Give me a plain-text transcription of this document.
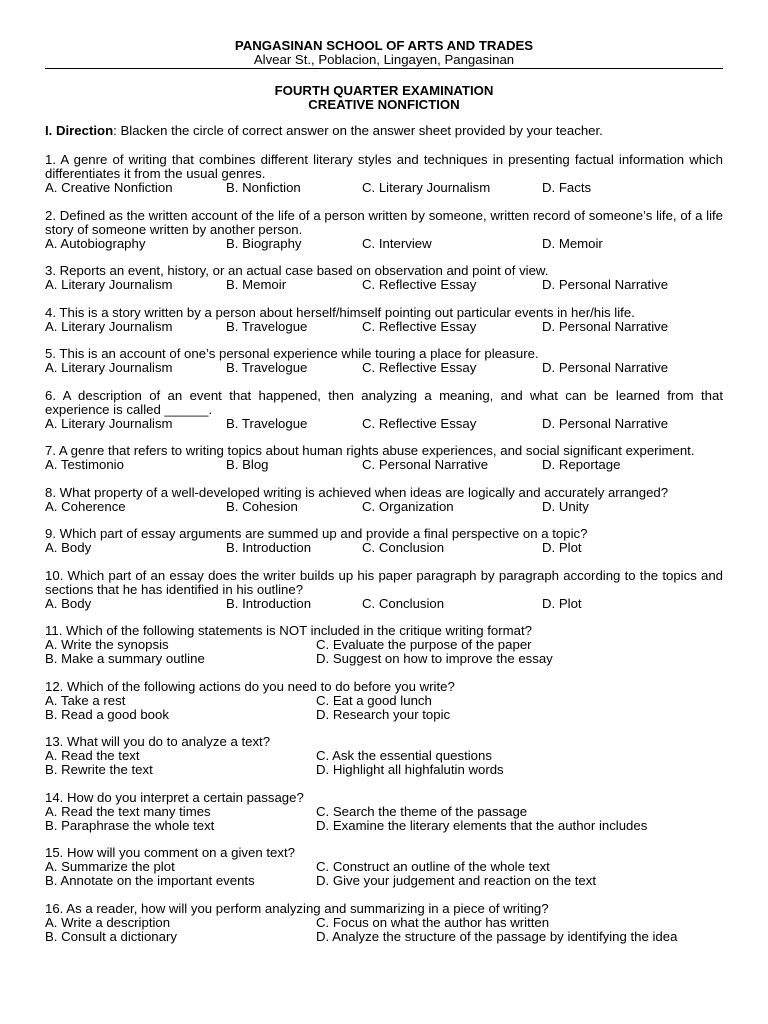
PANGASINAN SCHOOL OF ARTS AND TRADES
Alvear St., Poblacion, Lingayen, Pangasinan
FOURTH QUARTER EXAMINATION
CREATIVE NONFICTION
I. Direction: Blacken the circle of correct answer on the answer sheet provided by your teacher.
1. A genre of writing that combines different literary styles and techniques in presenting factual information which differentiates it from the usual genres.
A. Creative Nonfiction	B. Nonfiction	C. Literary Journalism	D. Facts
2. Defined as the written account of the life of a person written by someone, written record of someone’s life, of a life story of someone written by another person.
A. Autobiography	B. Biography	C. Interview	D. Memoir
3. Reports an event, history, or an actual case based on observation and point of view.
A. Literary Journalism	B. Memoir	C. Reflective Essay	D. Personal Narrative
4. This is a story written by a person about herself/himself pointing out particular events in her/his life.
A. Literary Journalism	B. Travelogue	C. Reflective Essay	D. Personal Narrative
5. This is an account of one’s personal experience while touring a place for pleasure.
A. Literary Journalism	B. Travelogue	C. Reflective Essay	D. Personal Narrative
6. A description of an event that happened, then analyzing a meaning, and what can be learned from that experience is called ______.
A. Literary Journalism	B. Travelogue	C. Reflective Essay	D. Personal Narrative
7. A genre that refers to writing topics about human rights abuse experiences, and social significant experiment.
A. Testimonio	B. Blog	C. Personal Narrative	D. Reportage
8. What property of a well-developed writing is achieved when ideas are logically and accurately arranged?
A. Coherence	B. Cohesion	C. Organization	D. Unity
9. Which part of essay arguments are summed up and provide a final perspective on a topic?
A. Body	B. Introduction	C. Conclusion	D. Plot
10. Which part of an essay does the writer builds up his paper paragraph by paragraph according to the topics and sections that he has identified in his outline?
A. Body	B. Introduction	C. Conclusion	D. Plot
11. Which of the following statements is NOT included in the critique writing format?
A. Write the synopsis	C. Evaluate the purpose of the paper
B. Make a summary outline	D. Suggest on how to improve the essay
12. Which of the following actions do you need to do before you write?
A. Take a rest	C. Eat a good lunch
B. Read a good book	D. Research your topic
13. What will you do to analyze a text?
A. Read the text	C. Ask the essential questions
B. Rewrite the text	D. Highlight all highfalutin words
14. How do you interpret a certain passage?
A. Read the text many times	C. Search the theme of the passage
B. Paraphrase the whole text	D. Examine the literary elements that the author includes
15. How will you comment on a given text?
A. Summarize the plot	C. Construct an outline of the whole text
B. Annotate on the important events	D. Give your judgement and reaction on the text
16. As a reader, how will you perform analyzing and summarizing in a piece of writing?
A. Write a description	C. Focus on what the author has written
B. Consult a dictionary	D. Analyze the structure of the passage by identifying the idea
